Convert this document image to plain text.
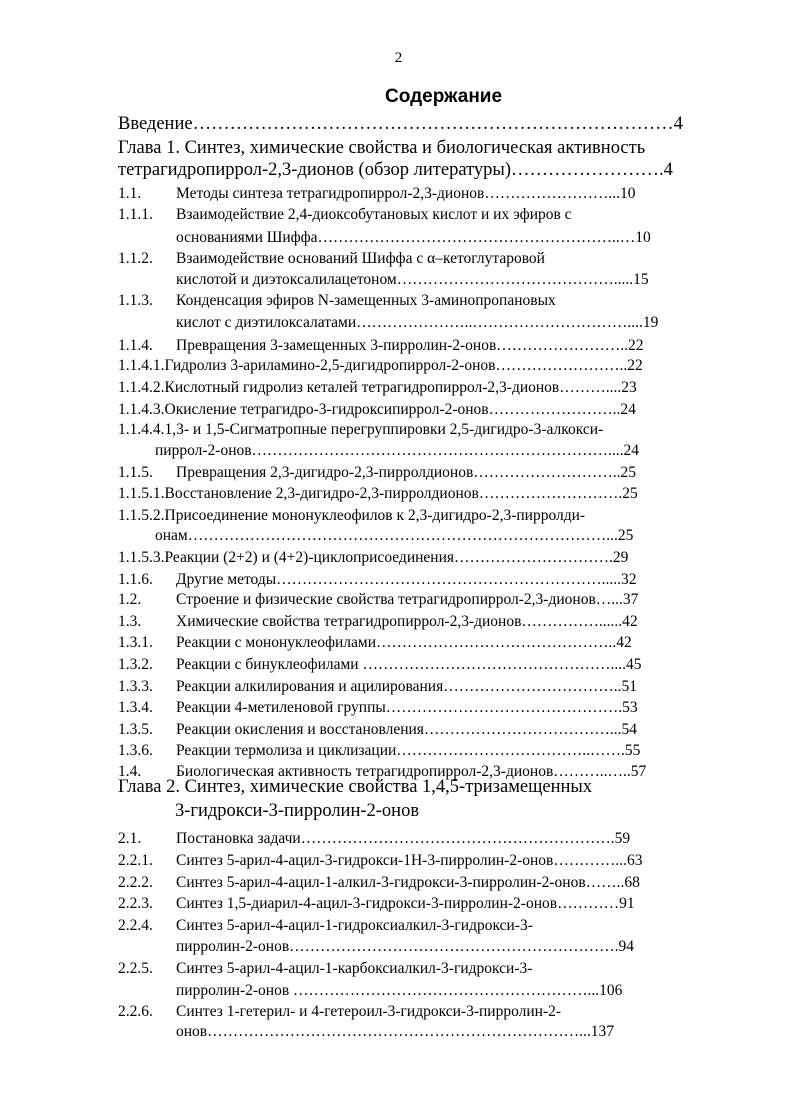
2
Содержание
Введение……………………………………………………………………4
Глава 1. Синтез, химические свойства и биологическая активность
тетрагидропиррол-2,3-дионов (обзор литературы)…………………….4
1.1. Методы синтеза тетрагидропиррол-2,3-дионов……………………...10
1.1.1. Взаимодействие 2,4-диоксобутановых кислот и их эфиров с
основаниями Шиффа…………………………………………………..…10
1.1.2. Взаимодействие оснований Шиффа с α–кетоглутаровой
кислотой и диэтоксалилацетоном…………………………………….....15
1.1.3. Конденсация эфиров N-замещенных 3-аминопропановых
кислот с диэтилоксалатами…………………..…………………………....19
1.1.4. Превращения 3-замещенных 3-пирролин-2-онов……………………..22
1.1.4.1.Гидролиз 3-ариламино-2,5-дигидропиррол-2-онов……………………..22
1.1.4.2.Кислотный гидролиз кеталей тетрагидропиррол-2,3-дионов………....23
1.1.4.3.Окисление тетрагидро-3-гидроксипиррол-2-онов……………………..24
1.1.4.4.1,3- и 1,5-Сигматропные перегруппировки 2,5-дигидро-3-алкокси-
пиррол-2-онов……………………………………………………………....24
1.1.5. Превращения 2,3-дигидро-2,3-пирролдионов………………………..25
1.1.5.1.Восстановление 2,3-дигидро-2,3-пирролдионов……………………….25
1.1.5.2.Присоединение мононуклеофилов к 2,3-дигидро-2,3-пирролди-
онам………………………………………………………………………...25
1.1.5.3.Реакции (2+2) и (4+2)-циклоприсоединения………………………….29
1.1.6. Другие методы……………………………………………………….....32
1.2. Строение и физические свойства тетрагидропиррол-2,3-дионов…...37
1.3. Химические свойства тетрагидропиррол-2,3-дионов……………......42
1.3.1. Реакции с мононуклеофилами………………………………………..42
1.3.2. Реакции с бинуклеофилами …………………………………………....45
1.3.3. Реакции алкилирования и ацилирования……………………………..51
1.3.4. Реакции 4-метиленовой группы……………………………………….53
1.3.5. Реакции окисления и восстановления………………………………...54
1.3.6. Реакции термолиза и циклизации………………………………..…….55
1.4. Биологическая активность тетрагидропиррол-2,3-дионов………..…..57
Глава 2. Синтез, химические свойства 1,4,5-тризамещенных
3-гидрокси-3-пирролин-2-онов
2.1. Постановка задачи…………………………………………………….59
2.2.1. Синтез 5-арил-4-ацил-3-гидрокси-1Н-3-пирролин-2-онов…………...63
2.2.2. Синтез 5-арил-4-ацил-1-алкил-3-гидрокси-3-пирролин-2-онов……..68
2.2.3. Синтез 1,5-диарил-4-ацил-3-гидрокси-3-пирролин-2-онов…………91
2.2.4. Синтез 5-арил-4-ацил-1-гидроксиалкил-3-гидрокси-3-
пирролин-2-онов……………………………………………………….94
2.2.5. Синтез 5-арил-4-ацил-1-карбоксиалкил-3-гидрокси-3-
пирролин-2-онов …………………………………………………...106
2.2.6. Синтез 1-гетерил- и 4-гетероил-3-гидрокси-3-пирролин-2-
онов………………………………………………………………...137
